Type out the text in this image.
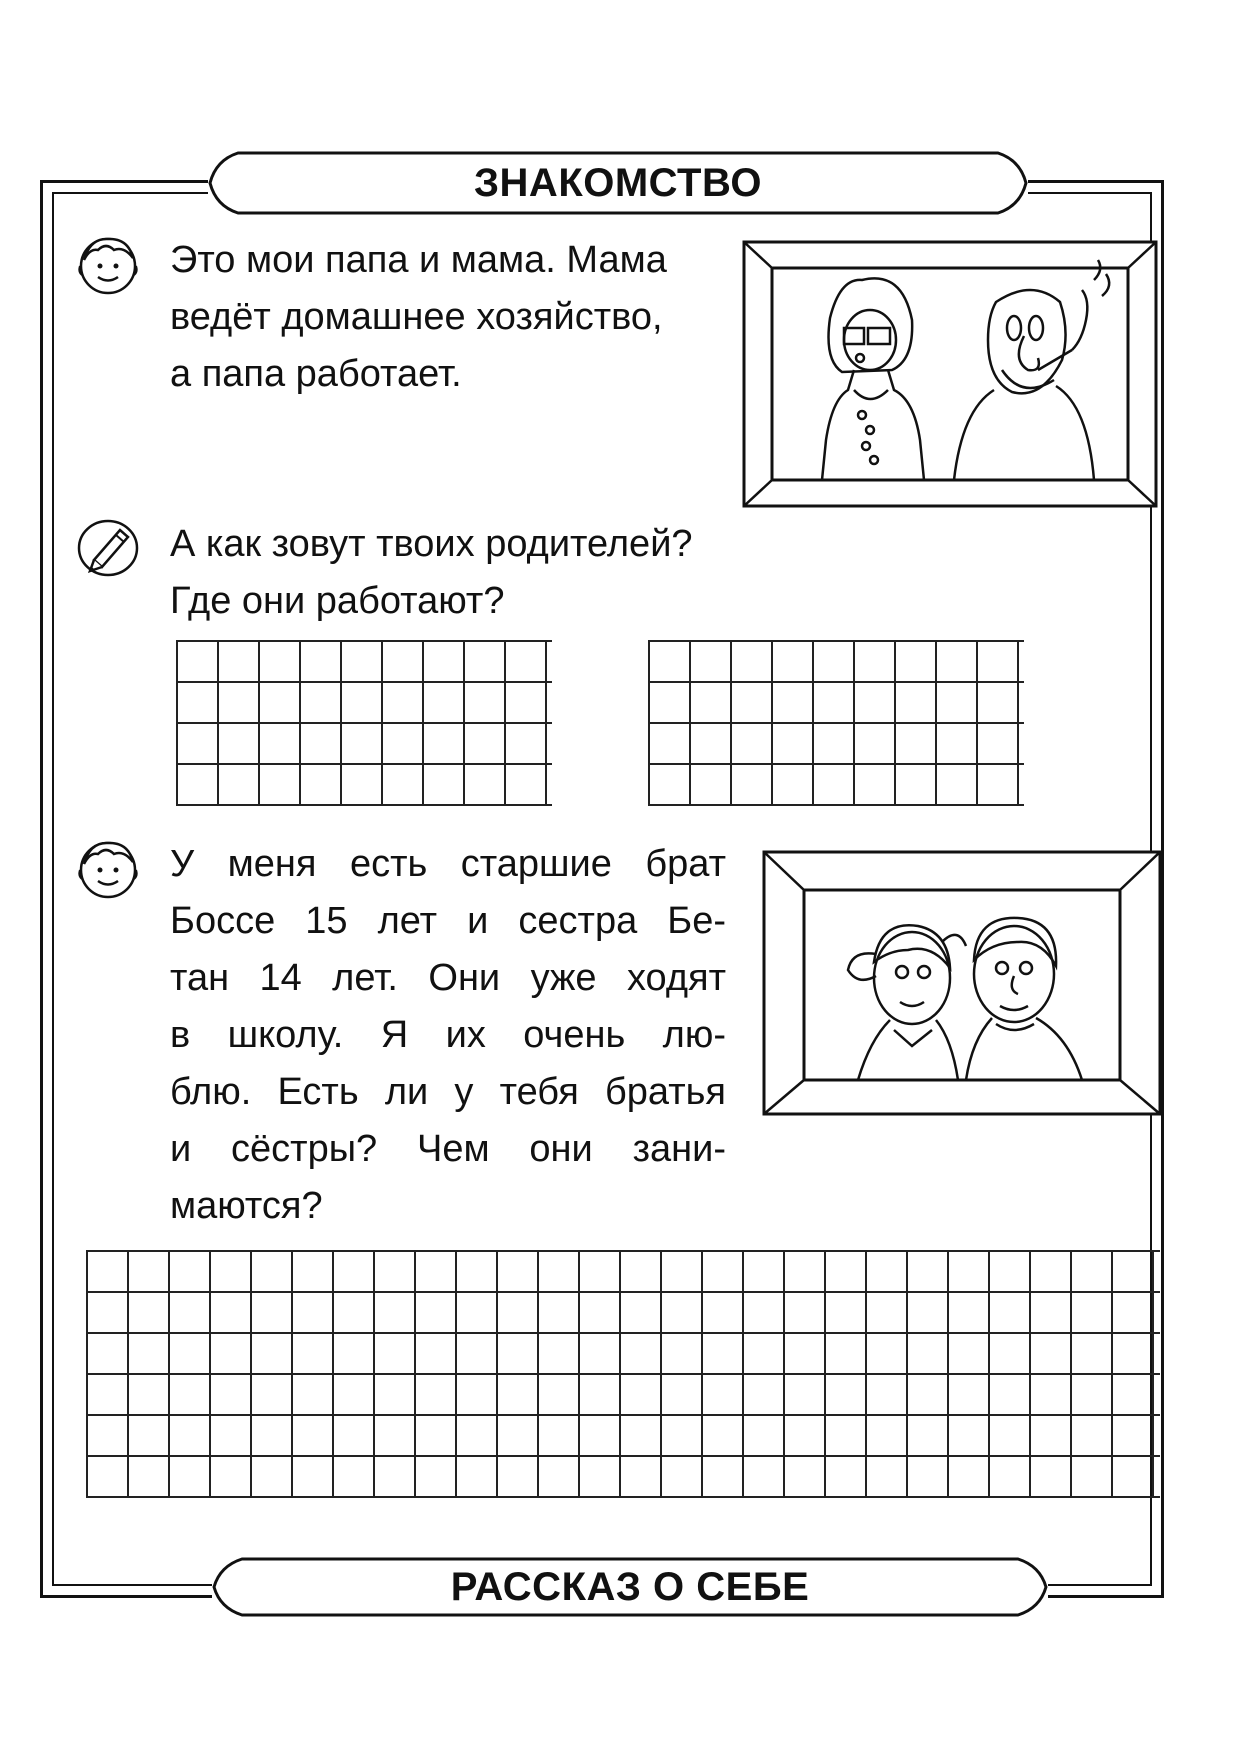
ЗНАКОМСТВО

Это мои папа и мама. Мама
ведёт домашнее хозяйство,
а папа работает.

А как зовут твоих родителей?
Где они работают?

У меня есть старшие брат
Боссе 15 лет и сестра Бе-
тан 14 лет. Они уже ходят
в школу. Я их очень лю-
блю. Есть ли у тебя братья
и сёстры? Чем они зани-
маются?

РАССКАЗ О СЕБЕ
